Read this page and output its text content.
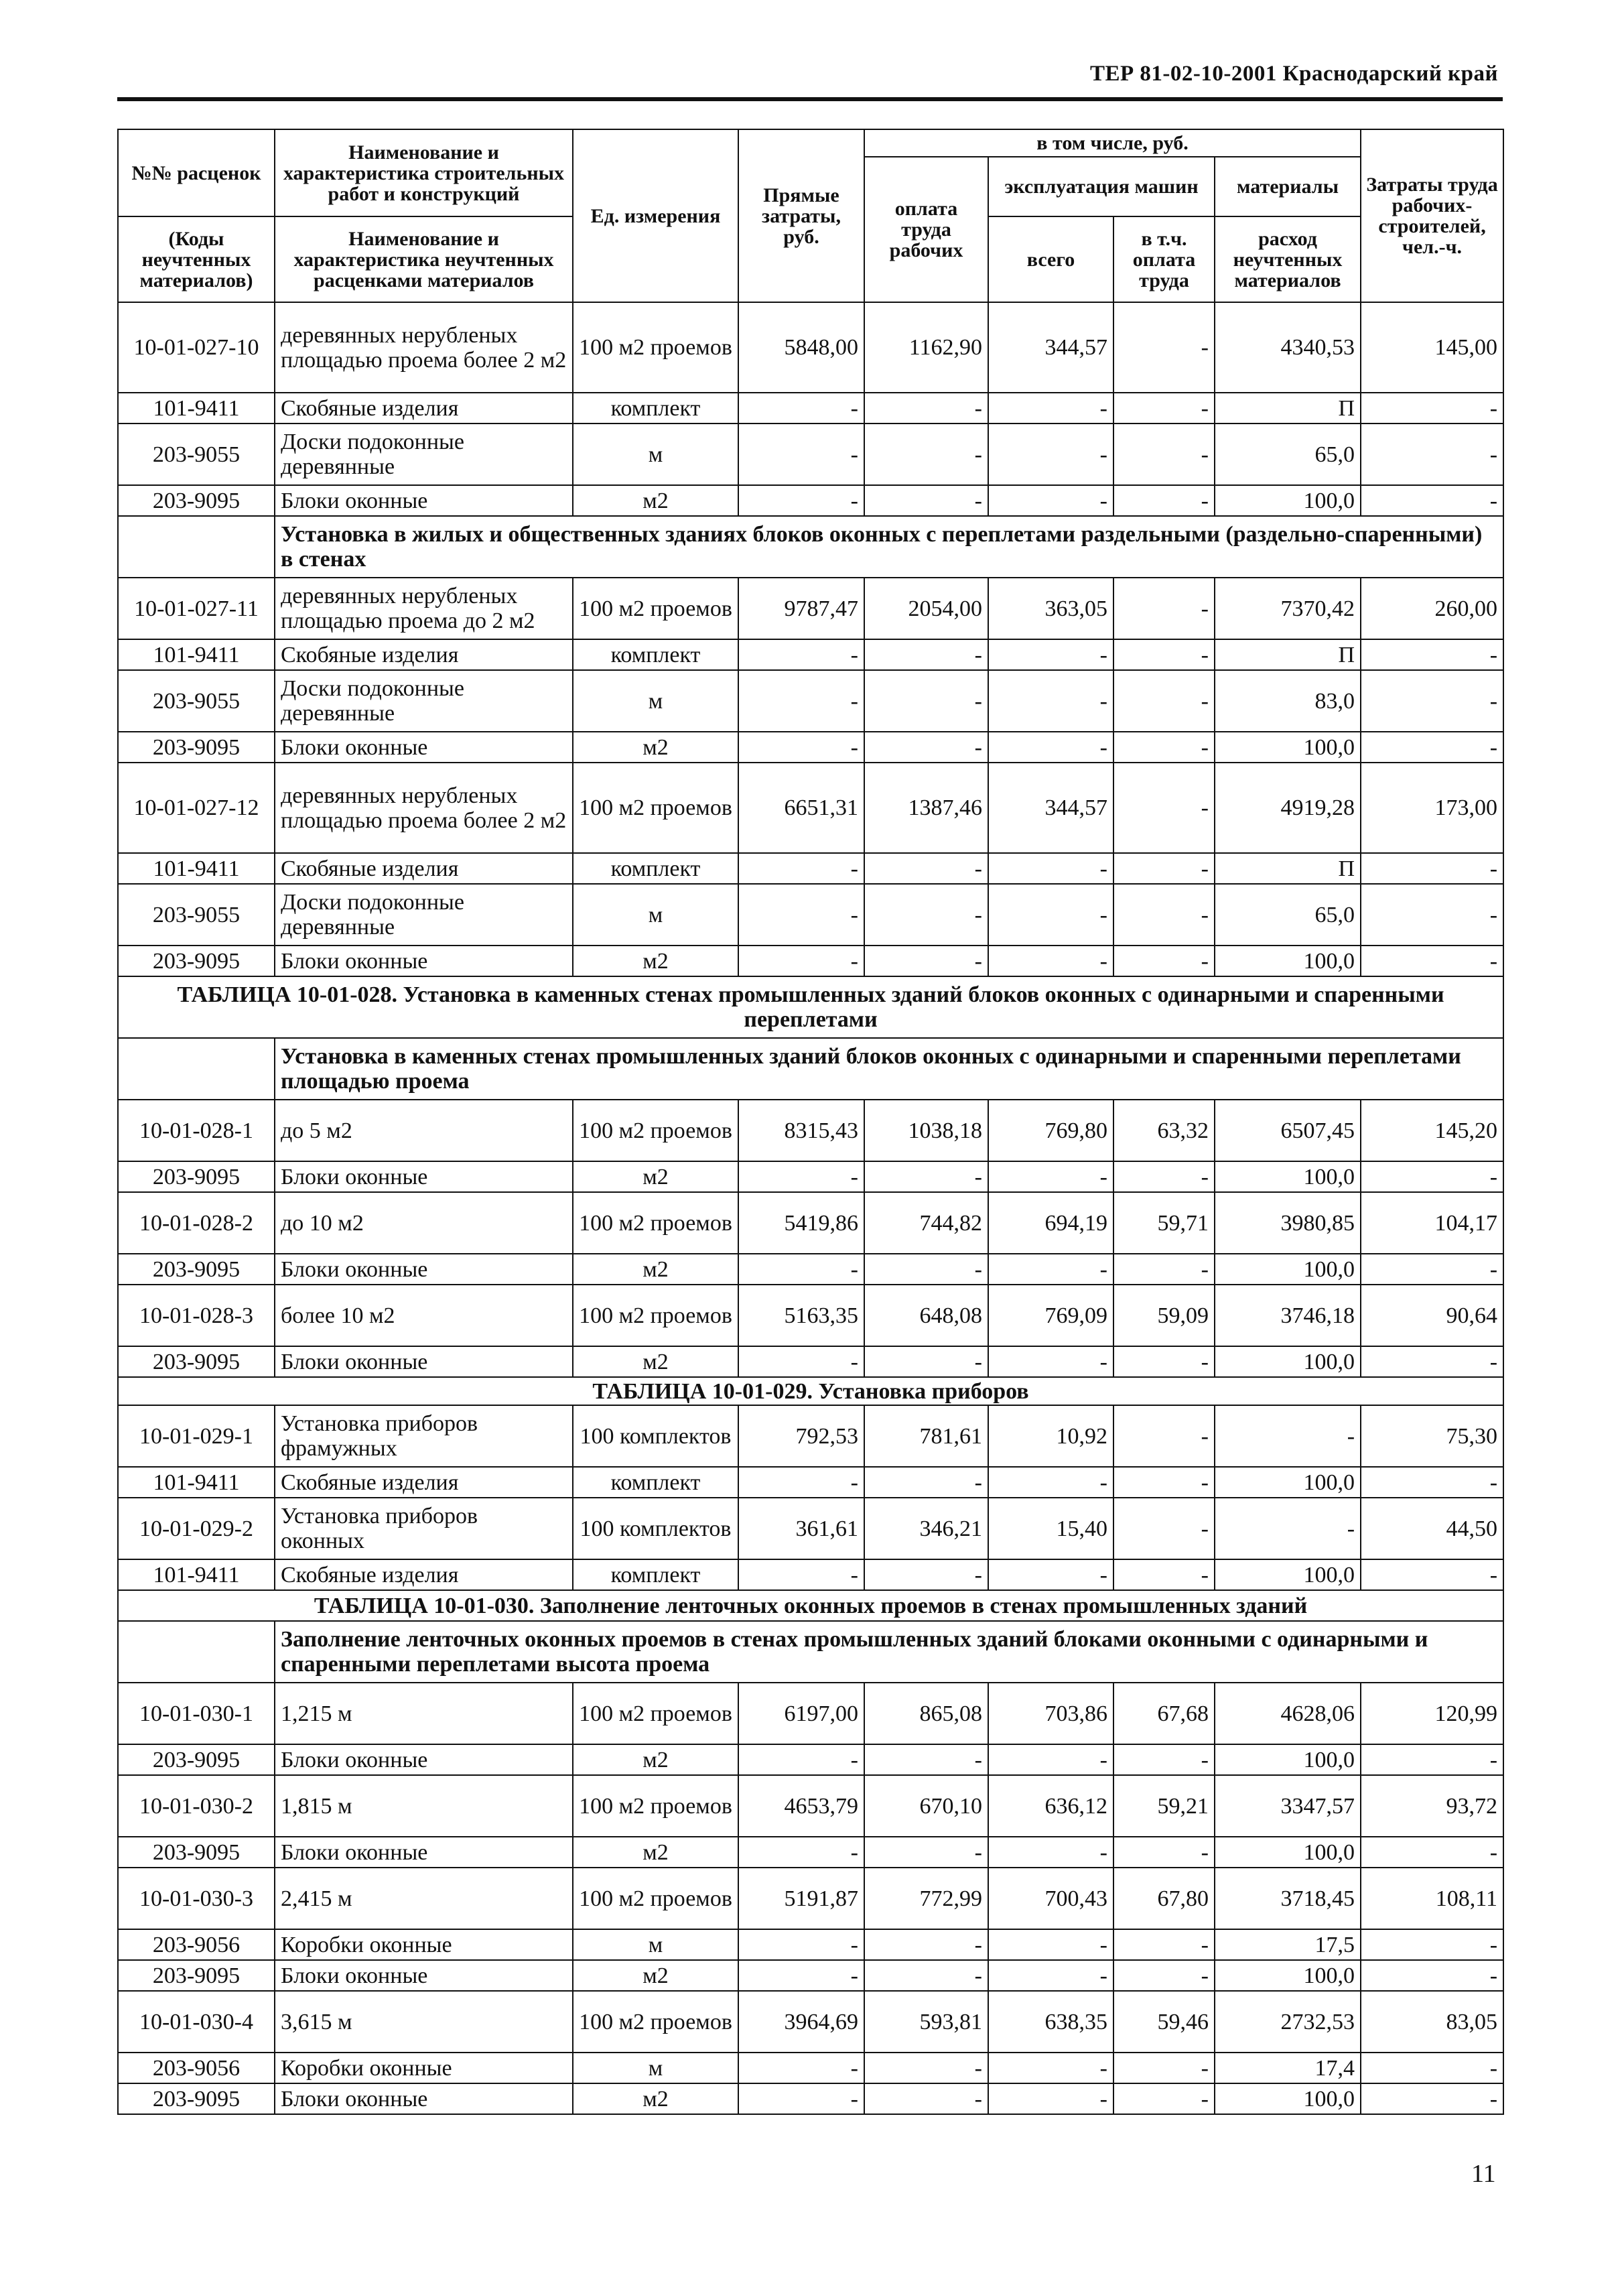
ТЕР 81-02-10-2001 Краснодарский край
№№ расценок	Наименование и характеристика строительных работ и конструкций	Ед. измерения	Прямые затраты, руб.	в том числе, руб.				Затраты труда рабочих-строителей, чел.-ч.
				оплата труда рабочих	эксплуатация машин		материалы	
(Коды неучтенных материалов)	Наименование и характеристика неучтенных расценками материалов				всего	в т.ч. оплата труда	расход неучтенных материалов	

10-01-027-10	деревянных нерубленых площадью проема более 2 м2	100 м2 проемов	5848,00	1162,90	344,57	-	4340,53	145,00
101-9411	Скобяные изделия	комплект	-	-	-	-	П	-
203-9055	Доски подоконные деревянные	м	-	-	-	-	65,0	-
203-9095	Блоки оконные	м2	-	-	-	-	100,0	-
	Установка в жилых и общественных зданиях блоков оконных с переплетами раздельными (раздельно-спаренными) в стенах							
10-01-027-11	деревянных нерубленых площадью проема до 2 м2	100 м2 проемов	9787,47	2054,00	363,05	-	7370,42	260,00
101-9411	Скобяные изделия	комплект	-	-	-	-	П	-
203-9055	Доски подоконные деревянные	м	-	-	-	-	83,0	-
203-9095	Блоки оконные	м2	-	-	-	-	100,0	-
10-01-027-12	деревянных нерубленых площадью проема более 2 м2	100 м2 проемов	6651,31	1387,46	344,57	-	4919,28	173,00
101-9411	Скобяные изделия	комплект	-	-	-	-	П	-
203-9055	Доски подоконные деревянные	м	-	-	-	-	65,0	-
203-9095	Блоки оконные	м2	-	-	-	-	100,0	-
ТАБЛИЦА 10-01-028. Установка в каменных стенах промышленных зданий блоков оконных с одинарными и спаренными переплетами								
	Установка в каменных стенах промышленных зданий блоков оконных с одинарными и спаренными переплетами площадью проема							
10-01-028-1	до 5 м2	100 м2 проемов	8315,43	1038,18	769,80	63,32	6507,45	145,20
203-9095	Блоки оконные	м2	-	-	-	-	100,0	-
10-01-028-2	до 10 м2	100 м2 проемов	5419,86	744,82	694,19	59,71	3980,85	104,17
203-9095	Блоки оконные	м2	-	-	-	-	100,0	-
10-01-028-3	более 10 м2	100 м2 проемов	5163,35	648,08	769,09	59,09	3746,18	90,64
203-9095	Блоки оконные	м2	-	-	-	-	100,0	-
ТАБЛИЦА 10-01-029. Установка приборов								
10-01-029-1	Установка приборов фрамужных	100 комплектов	792,53	781,61	10,92	-	-	75,30
101-9411	Скобяные изделия	комплект	-	-	-	-	100,0	-
10-01-029-2	Установка приборов оконных	100 комплектов	361,61	346,21	15,40	-	-	44,50
101-9411	Скобяные изделия	комплект	-	-	-	-	100,0	-
ТАБЛИЦА 10-01-030. Заполнение ленточных оконных проемов в стенах промышленных зданий								
	Заполнение ленточных оконных проемов в стенах промышленных зданий блоками оконными с одинарными и спаренными переплетами высота проема							
10-01-030-1	1,215 м	100 м2 проемов	6197,00	865,08	703,86	67,68	4628,06	120,99
203-9095	Блоки оконные	м2	-	-	-	-	100,0	-
10-01-030-2	1,815 м	100 м2 проемов	4653,79	670,10	636,12	59,21	3347,57	93,72
203-9095	Блоки оконные	м2	-	-	-	-	100,0	-
10-01-030-3	2,415 м	100 м2 проемов	5191,87	772,99	700,43	67,80	3718,45	108,11
203-9056	Коробки оконные	м	-	-	-	-	17,5	-
203-9095	Блоки оконные	м2	-	-	-	-	100,0	-
10-01-030-4	3,615 м	100 м2 проемов	3964,69	593,81	638,35	59,46	2732,53	83,05
203-9056	Коробки оконные	м	-	-	-	-	17,4	-
203-9095	Блоки оконные	м2	-	-	-	-	100,0	-
11
